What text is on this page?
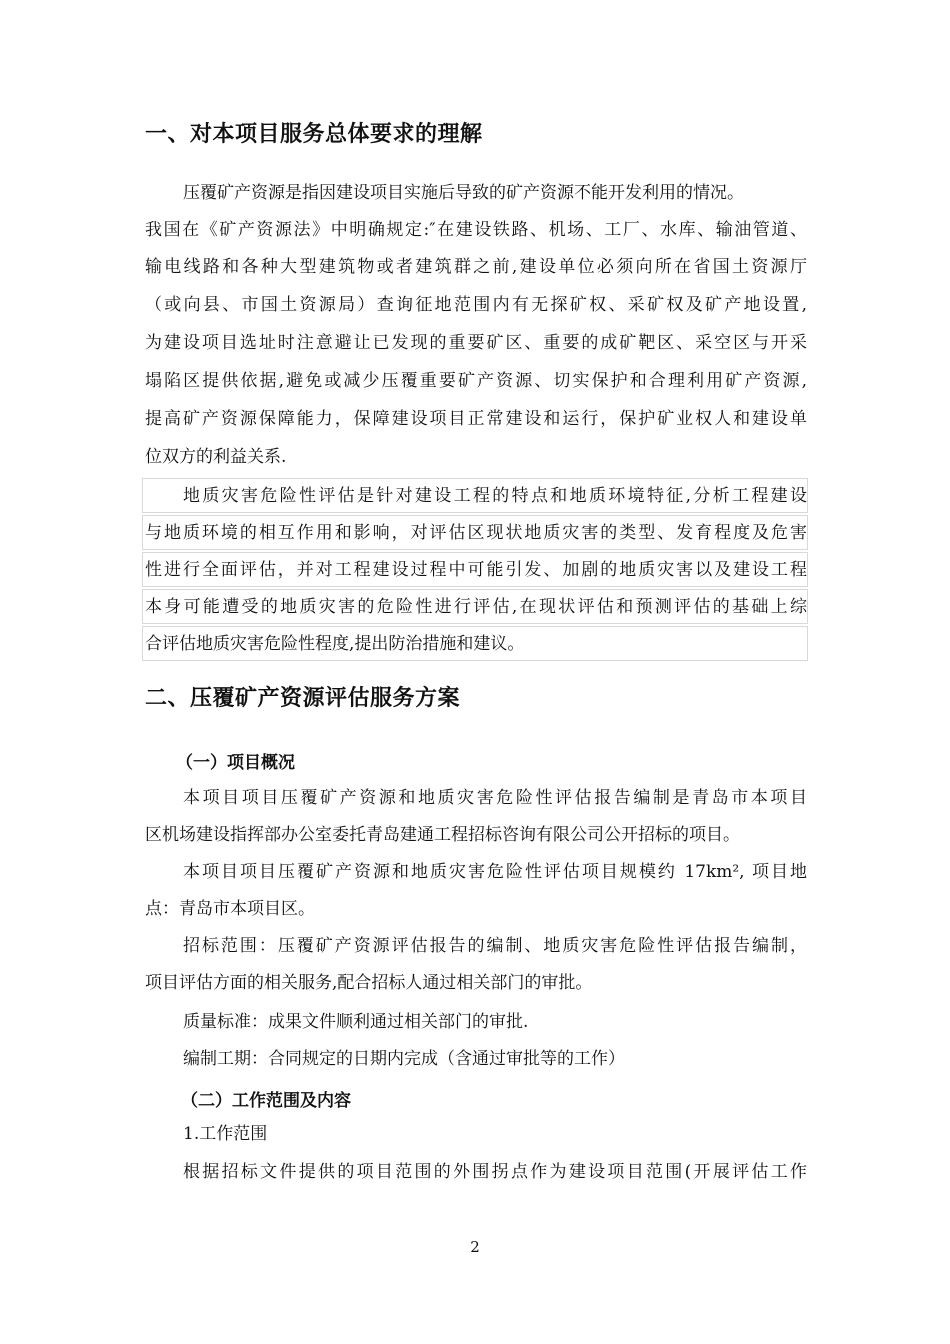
一、对本项目服务总体要求的理解
压覆矿产资源是指因建设项目实施后导致的矿产资源不能开发利用的情况。
我国在《矿产资源法》中明确规定:″在建设铁路、机场、工厂、水库、输油管道、
输电线路和各种大型建筑物或者建筑群之前,建设单位必须向所在省国土资源厅
（或向县、市国土资源局）查询征地范围内有无探矿权、采矿权及矿产地设置,
为建设项目选址时注意避让已发现的重要矿区、重要的成矿靶区、采空区与开采
塌陷区提供依据,避免或减少压覆重要矿产资源、切实保护和合理利用矿产资源,
提高矿产资源保障能力，保障建设项目正常建设和运行，保护矿业权人和建设单
位双方的利益关系.
地质灾害危险性评估是针对建设工程的特点和地质环境特征,分析工程建设
与地质环境的相互作用和影响，对评估区现状地质灾害的类型、发育程度及危害
性进行全面评估，并对工程建设过程中可能引发、加剧的地质灾害以及建设工程
本身可能遭受的地质灾害的危险性进行评估,在现状评估和预测评估的基础上综
合评估地质灾害危险性程度,提出防治措施和建议。
二、压覆矿产资源评估服务方案
（一）项目概况
本项目项目压覆矿产资源和地质灾害危险性评估报告编制是青岛市本项目
区机场建设指挥部办公室委托青岛建通工程招标咨询有限公司公开招标的项目。
本项目项目压覆矿产资源和地质灾害危险性评估项目规模约 17km², 项目地
点：青岛市本项目区。
招标范围：压覆矿产资源评估报告的编制、地质灾害危险性评估报告编制，
项目评估方面的相关服务,配合招标人通过相关部门的审批。
质量标准：成果文件顺利通过相关部门的审批.
编制工期：合同规定的日期内完成（含通过审批等的工作）
（二）工作范围及内容
1.工作范围
根据招标文件提供的项目范围的外围拐点作为建设项目范围(开展评估工作
2
